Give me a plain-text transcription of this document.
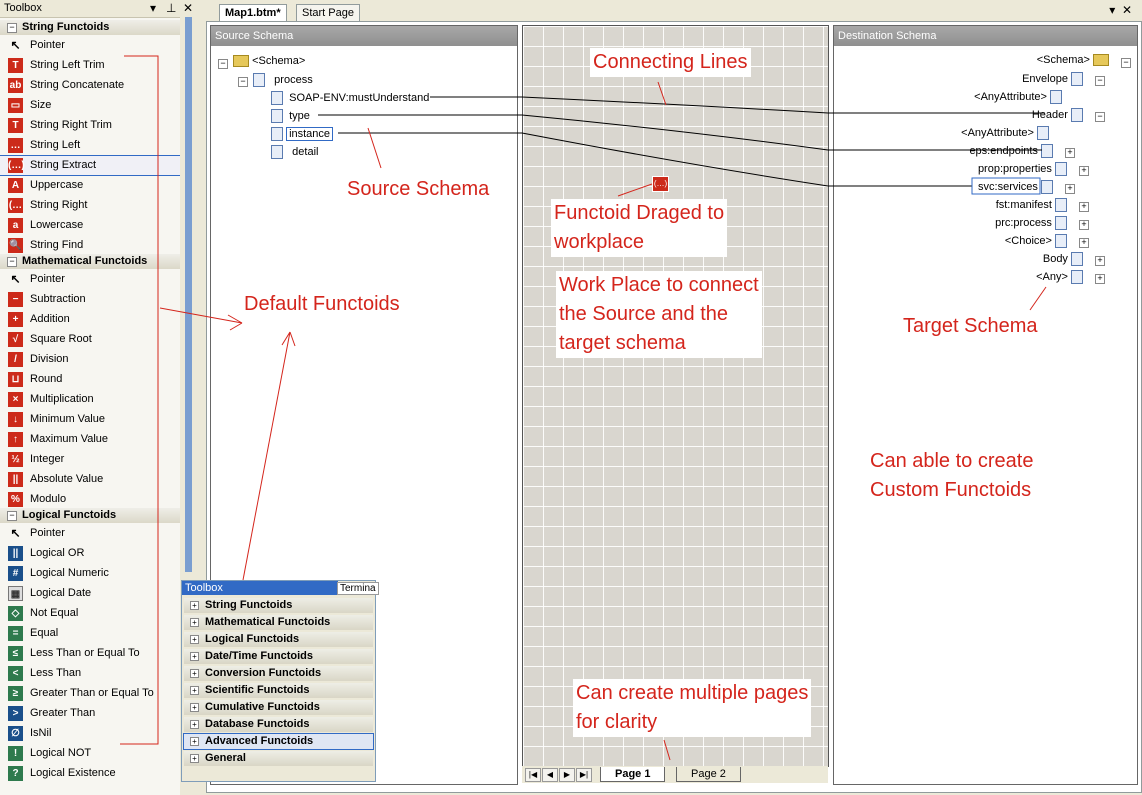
Toolbox	▾ ⊥ ✕
− String Functoids
↖ Pointer
T	String Left Trim
ab String Concatenate
▭ Size
T	String Right Trim
… String Left
(…) String Extract
A Uppercase
(… String Right
a	Lowercase
🔍 String Find
− Mathematical Functoids
↖ Pointer
−	Subtraction
+	Addition
√	Square Root
/	Division
⊔ Round
×	Multiplication
↓	Minimum Value
↑	Maximum Value
½ Integer
||	Absolute Value
% Modulo
− Logical Functoids
↖ Pointer
||	Logical OR
#	Logical Numeric
▦ Logical Date
◇ Not Equal
=	Equal
≤	Less Than or Equal To
<	Less Than
≥	Greater Than or Equal To
>	Greater Than
∅ IsNil
!	Logical NOT
?	Logical Existence
Map1.btm*	Start Page	▾ ✕
Source Schema
−	<Schema>
−	process
SOAP-ENV:mustUnderstand
type
instance
detail
(…)
|◀	◀	▶	▶|	Page 1	Page 2
Destination Schema
<Schema>	−
Envelope	−
<AnyAttribute>
Header	−
<AnyAttribute>
eps:endpoints	+
prop:properties	+
svc:services	+
fst:manifest	+
prc:process	+
<Choice>	+
Body	+
<Any>	+
Toolbox	Termina
+ String Functoids
+ Mathematical Functoids
+ Logical Functoids
+ Date/Time Functoids
+ Conversion Functoids
+ Scientific Functoids
+ Cumulative Functoids
+ Database Functoids
+ Advanced Functoids
+ General
Connecting Lines
Source Schema
Functoid Draged to
workplace
Work Place to connect
the Source and the
target schema
Default Functoids
Target Schema
Can able to create
Custom Functoids
Can create multiple pages
for clarity
